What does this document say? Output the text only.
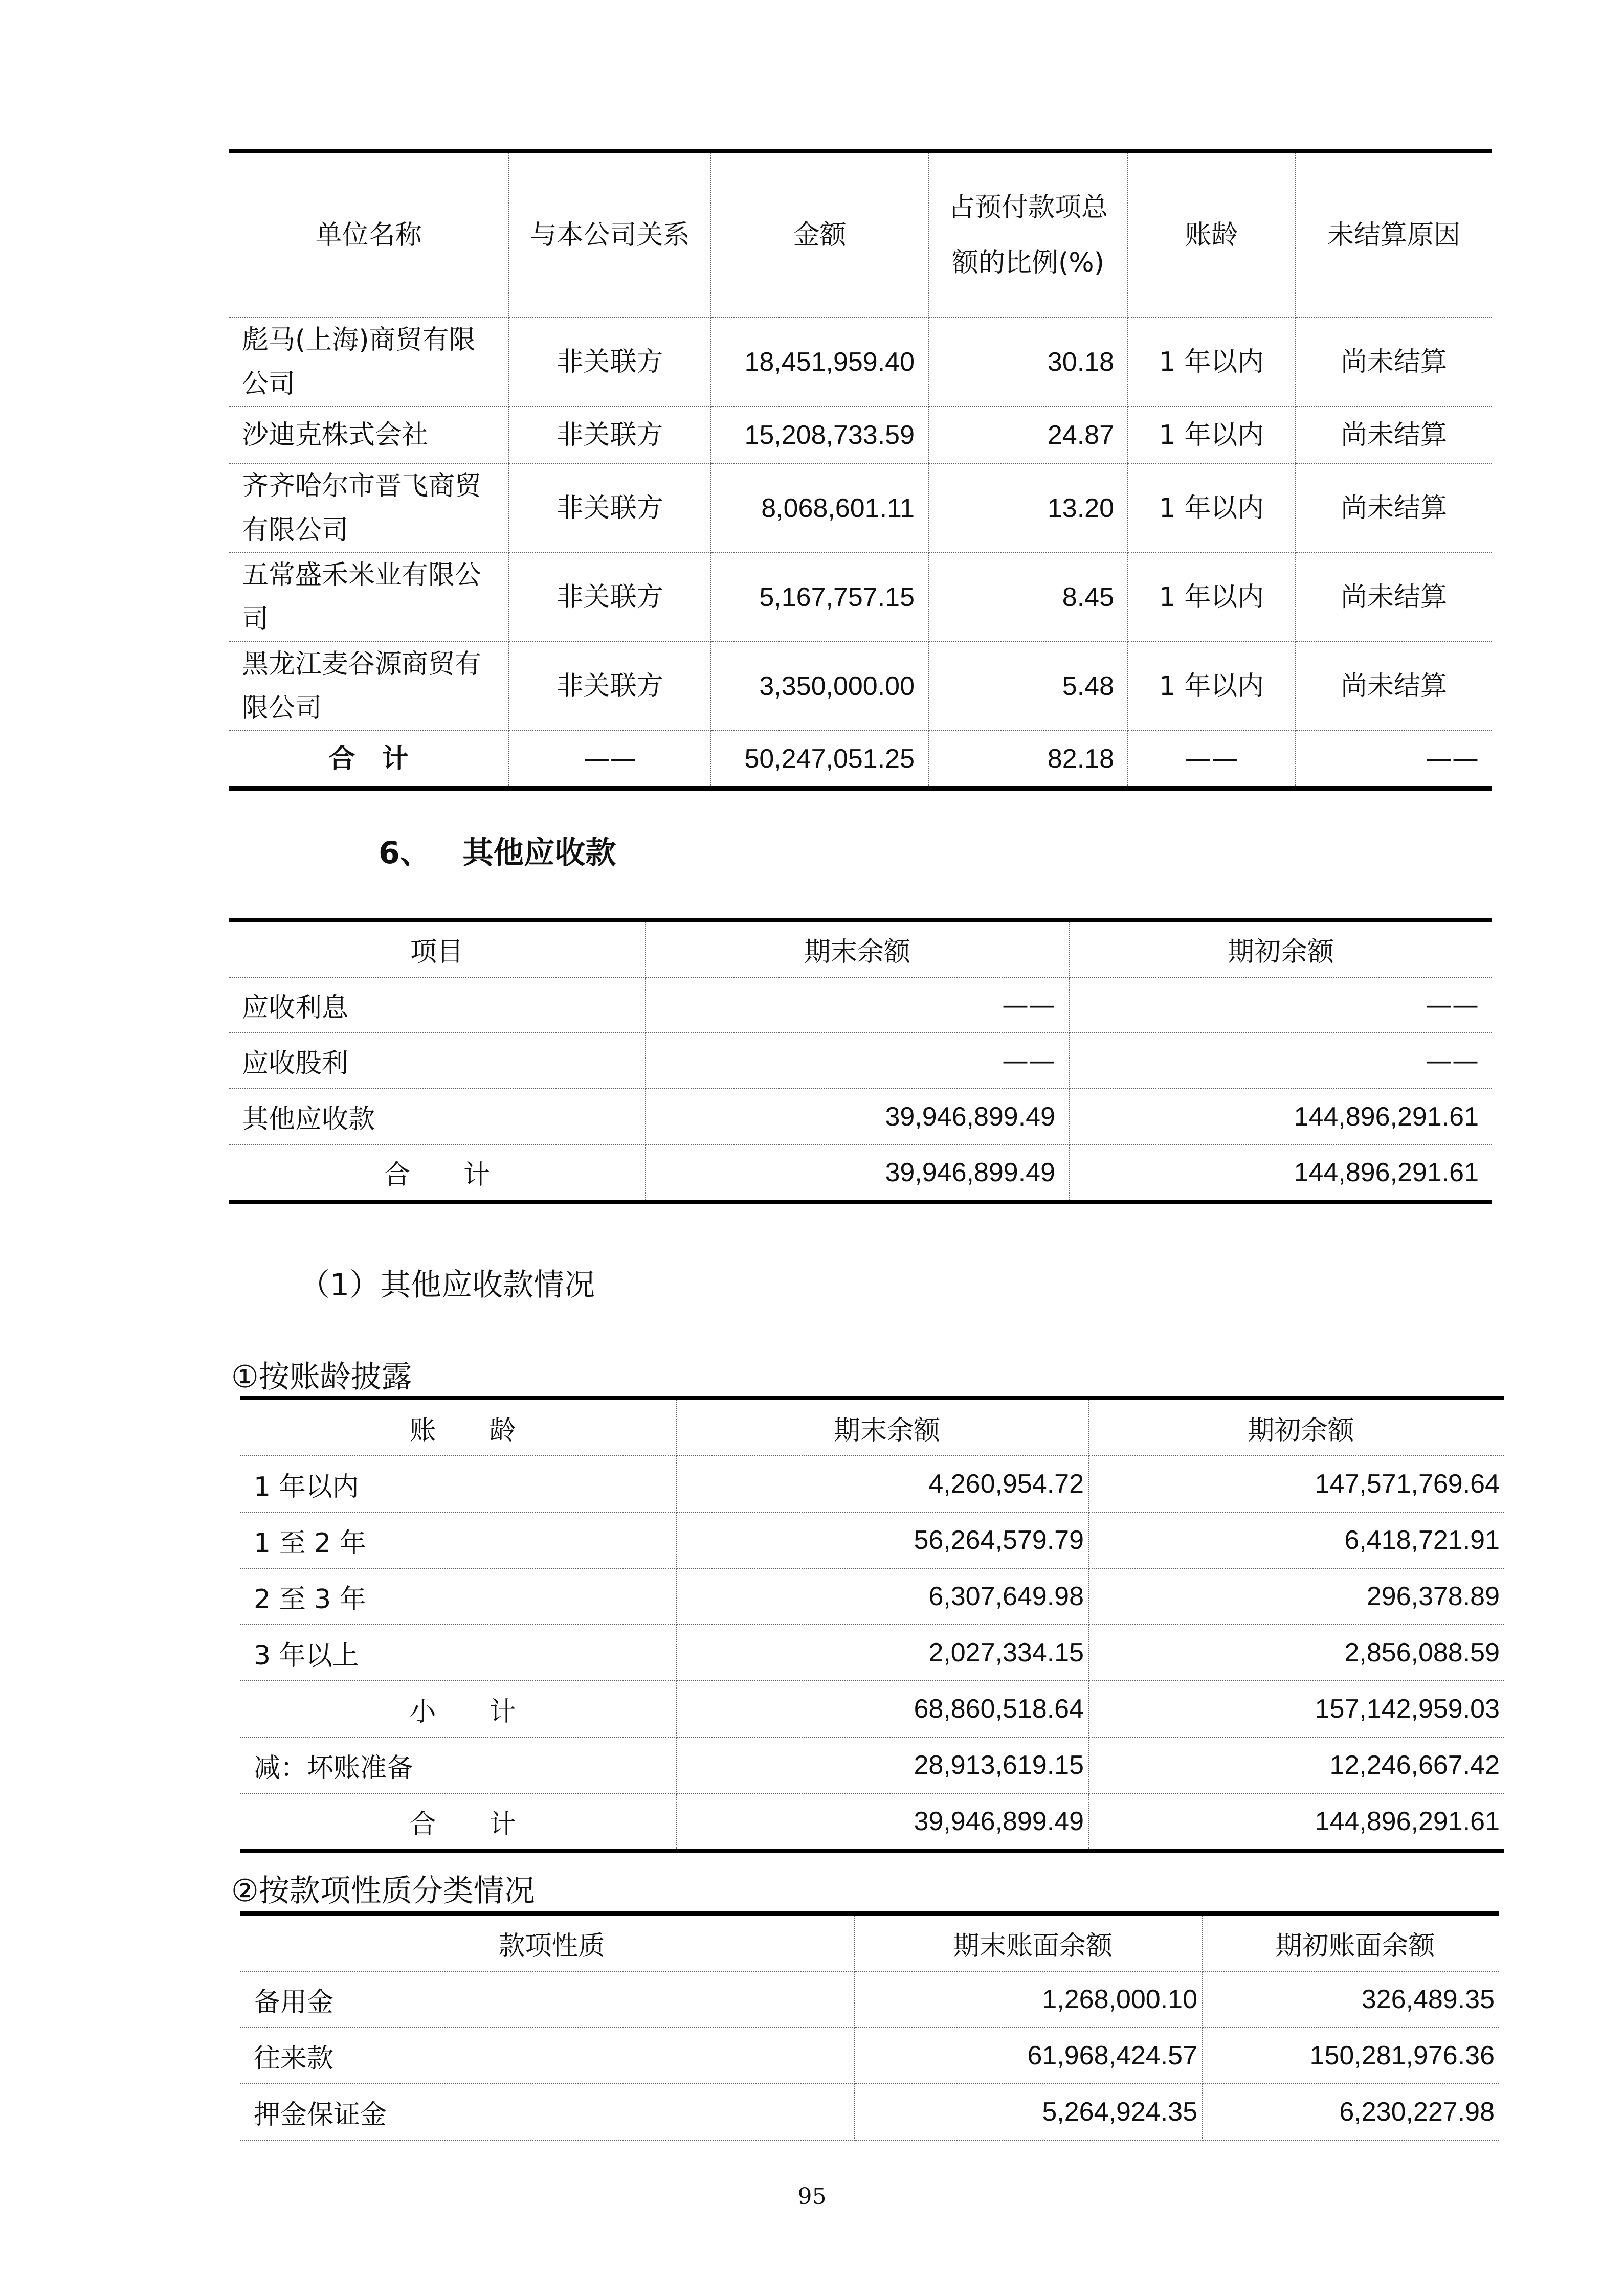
单位名称	与本公司关系	金额	占预付款项总额的比例(%)	账龄	未结算原因
彪马(上海)商贸有限公司	非关联方	18,451,959.40	30.18	1 年以内	尚未结算
沙迪克株式会社	非关联方	15,208,733.59	24.87	1 年以内	尚未结算
齐齐哈尔市晋飞商贸有限公司	非关联方	8,068,601.11	13.20	1 年以内	尚未结算
五常盛禾米业有限公司	非关联方	5,167,757.15	8.45	1 年以内	尚未结算
黑龙江麦谷源商贸有限公司	非关联方	3,350,000.00	5.48	1 年以内	尚未结算
合　计	——	50,247,051.25	82.18	——	——
6、 其他应收款
项目	期末余额	期初余额
应收利息	——	——
应收股利	——	——
其他应收款	39,946,899.49	144,896,291.61
合　　计	39,946,899.49	144,896,291.61
（1）其他应收款情况
①按账龄披露
账　　龄	期末余额	期初余额
1 年以内	4,260,954.72	147,571,769.64
1 至 2 年	56,264,579.79	6,418,721.91
2 至 3 年	6,307,649.98	296,378.89
3 年以上	2,027,334.15	2,856,088.59
小　　计	68,860,518.64	157,142,959.03
减：坏账准备	28,913,619.15	12,246,667.42
合　　计	39,946,899.49	144,896,291.61
②按款项性质分类情况
款项性质	期末账面余额	期初账面余额
备用金	1,268,000.10	326,489.35
往来款	61,968,424.57	150,281,976.36
押金保证金	5,264,924.35	6,230,227.98
95
